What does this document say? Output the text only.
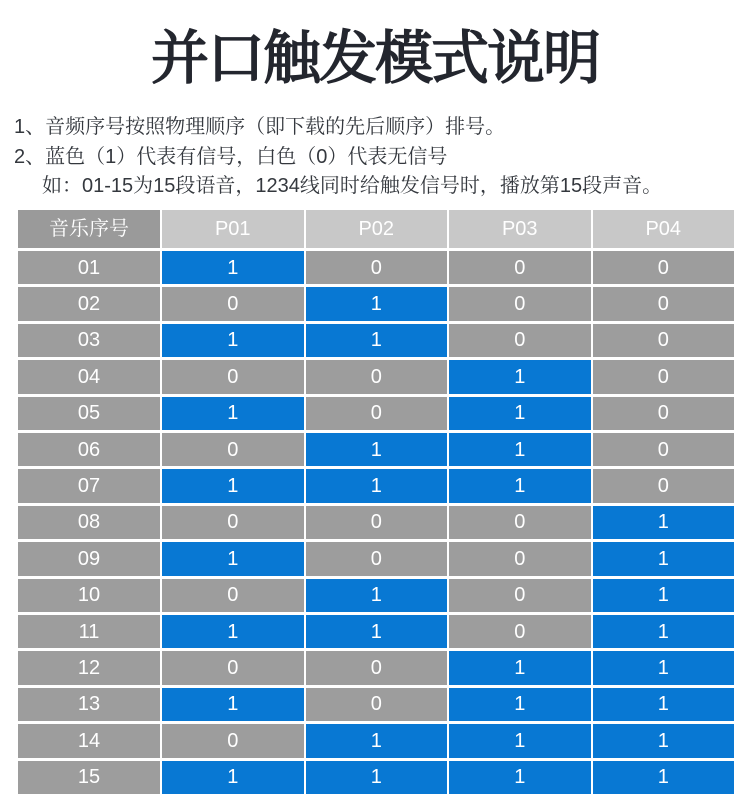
并口触发模式说明
1、音频序号按照物理顺序（即下载的先后顺序）排号。
2、蓝色（1）代表有信号，白色（0）代表无信号
如：01-15为15段语音，1234线同时给触发信号时，播放第15段声音。
音乐序号	P01	P02	P03	P04
01	1	0	0	0
02	0	1	0	0
03	1	1	0	0
04	0	0	1	0
05	1	0	1	0
06	0	1	1	0
07	1	1	1	0
08	0	0	0	1
09	1	0	0	1
10	0	1	0	1
11	1	1	0	1
12	0	0	1	1
13	1	0	1	1
14	0	1	1	1
15	1	1	1	1
